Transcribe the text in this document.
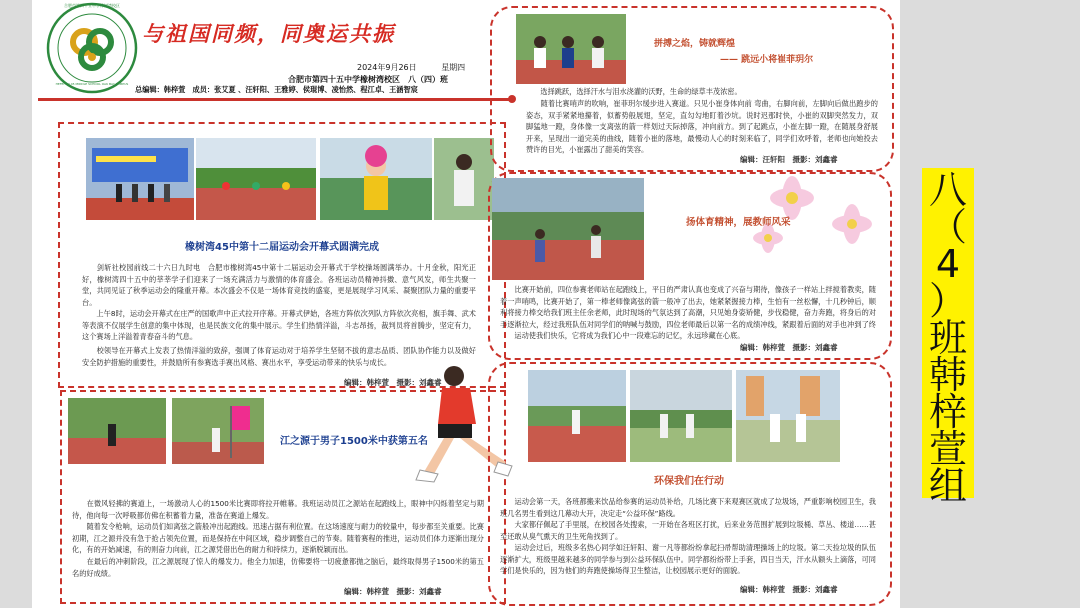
合肥市第四十五中学橡树湾校区
HEFEI NO.45 MIDDLE SCHOOL OAK BAY CAMPUS
与祖国同频，同奥运共振
2024年9月26日	星期四
合肥市第四十五中学橡树湾校区　八（四）班
总编辑：韩梓萱　成员：张艾夏 、汪轩阳、王雅婷、侯琨博、凌怡然、程江卓、王涵智宸
橡树湾45中第十二届运动会开幕式圆满完成
　　剑斩社校园前线二十六日九时电　合肥市橡树湾45中第十二届运动会开幕式于学校操场圆满举办。十月金秋，阳光正好，橡树湾四十五中的莘莘学子们迎来了一场充满活力与激情的体育盛会。各班运动员精神抖擞、意气风发，师生共聚一堂，共同见证了秋季运动会的隆重开幕。本次盛会不仅是一场体育竞技的盛宴，更是展现学习风采、凝聚团队力量的重要平台。
　　上午8时，运动会开幕式在庄严的国歌声中正式拉开序幕。开幕式伊始，各班方阵依次列队方阵依次亮相，旗手舞、武术等表演不仅展学生创意的集中体现，也是民族文化的集中展示。学生们热情洋溢，斗志昂扬，裁判员将首腾步，坚定有力，这个赛场上洋溢着青春奋斗的气息。
　　校领导在开幕式上发表了热情洋溢的致辞，强调了体育运动对于培养学生坚韧不拔的意志品质、团队协作能力以及做好安全防护措施的重要性，并鼓励所有参赛选手赛出风格、赛出水平，享受运动带来的快乐与成长。
编辑：韩梓萱　摄影：刘鑫睿
江之源于男子1500米中获第五名
　　在微风轻拂的赛道上，一场激动人心的1500米比赛即将拉开帷幕。我班运动员江之源站在起跑线上，眼神中闪烁着坚定与期待，他向每一次呼吸都仿佛在积蓄着力量，准备在赛道上爆发。
　　随着发令枪响，运动员们如离弦之箭般冲出起跑线。迅速占据有利位置。在这场速度与耐力的较量中，每步都至关重要。比赛初期，江之源并没有急于抢占领先位置，而是保持在中间区域，稳步调整自己的节奏。随着赛程的推进，运动员们体力逐渐出现分化，有的开始减速，有的则奋力向前，江之源凭借出色的耐力和持续力，逐渐脱颖而出。
　　在最后的冲刺阶段，江之源展现了惊人的爆发力。他全力加速，仿佛要将一切疲惫都抛之脑后，最终取得男子1500米的第五名的好成绩。
编辑：韩梓萱　摄影：刘鑫睿
拼搏之焰，铸就辉煌
—— 跳远小将崔菲玥尔
　　选择跳跃，选择汗水与泪水浇灌的沃野，生命的绿草丰茂浓密。
　　随着比赛哨声的吹响，崔菲玥尔缓步进入赛道。只见小崔身体向前 弯曲，右脚向前，左脚向后做出跑步的姿态，双手紧紧地攥着，似蓄势般展翅，坚定，直勾勾地盯着沙坑。说时迟那时快，小崔的双脚突然发力，双脚猛地一蹬，身体像一支离弦的箭一样划过天际掉落，冲向前方。到了起跳点，小崔左脚一蹬，在随展身舒展开来，呈现出一道完美的曲线，随着小崔的落地，最慢动人心的时刻来临了，同学们欢呼着，老师也向她投去赞许的目光，小崔露出了甜美的笑容。
编辑：汪轩阳　摄影：刘鑫睿
扬体育精神，展教师风采
　　比赛开始前，四位参赛老师站在起跑线上，平日的严肃认真也变成了兴奋与期待，像孩子一样站上拌搅着教奕，随着一声哨鸣，比赛开始了，第一棒老师像离弦的箭一般冲了出去，她紧紧握接力棒，生怕有一丝松懈，十几秒钟后，顺利将接力棒交给我们班主任余老师，此时现场的气氛达到了高潮，只见她身姿矫健，步伐稳健，奋力奔跑，将身后的对手逐渐拉大，经过我班队伍对同学们的呐喊与鼓励，四位老师最后以第一名的成绩冲线，紧跟着后面的对手也冲到了终
　　运动使我们快乐，它将成为我们心中一段难忘的记忆，永远珍藏在心底。
编辑：韩梓萱　摄影：刘鑫睿
环保我们在行动
　　运动会第一天，各班都搬来饮品给参赛的运动员补给，几场比赛下来观赛区就成了垃圾场，严重影响校园卫生，我班几名男生看到这几幕动大开，决定走“公益环保”路线。
　　大家都仔佩起了手里展，在校园各处搜索，一开始在各班区打扰，后来业务范围扩展到垃圾桶、草丛、楼道……甚至还敢从臭气熏天的卫生死角找到了。
　　运动会过后，班级多名热心同学如汪轩阳、谢一凡等都纷纷拿起扫帚帮助清理操场上的垃圾。第二天捡垃圾的队伍逐渐扩大，班级里越来越多的同学参与到公益环保队伍中。同学都纷纷带上手套，四日当天，汗水从额头上滴落，可同学们是快乐的，因为他们的奔跑使操场得卫生整洁，让校园展示更好的面貌。
编辑：韩梓萱　摄影：刘鑫睿
八
（
4
）
班
韩
梓
萱
组
